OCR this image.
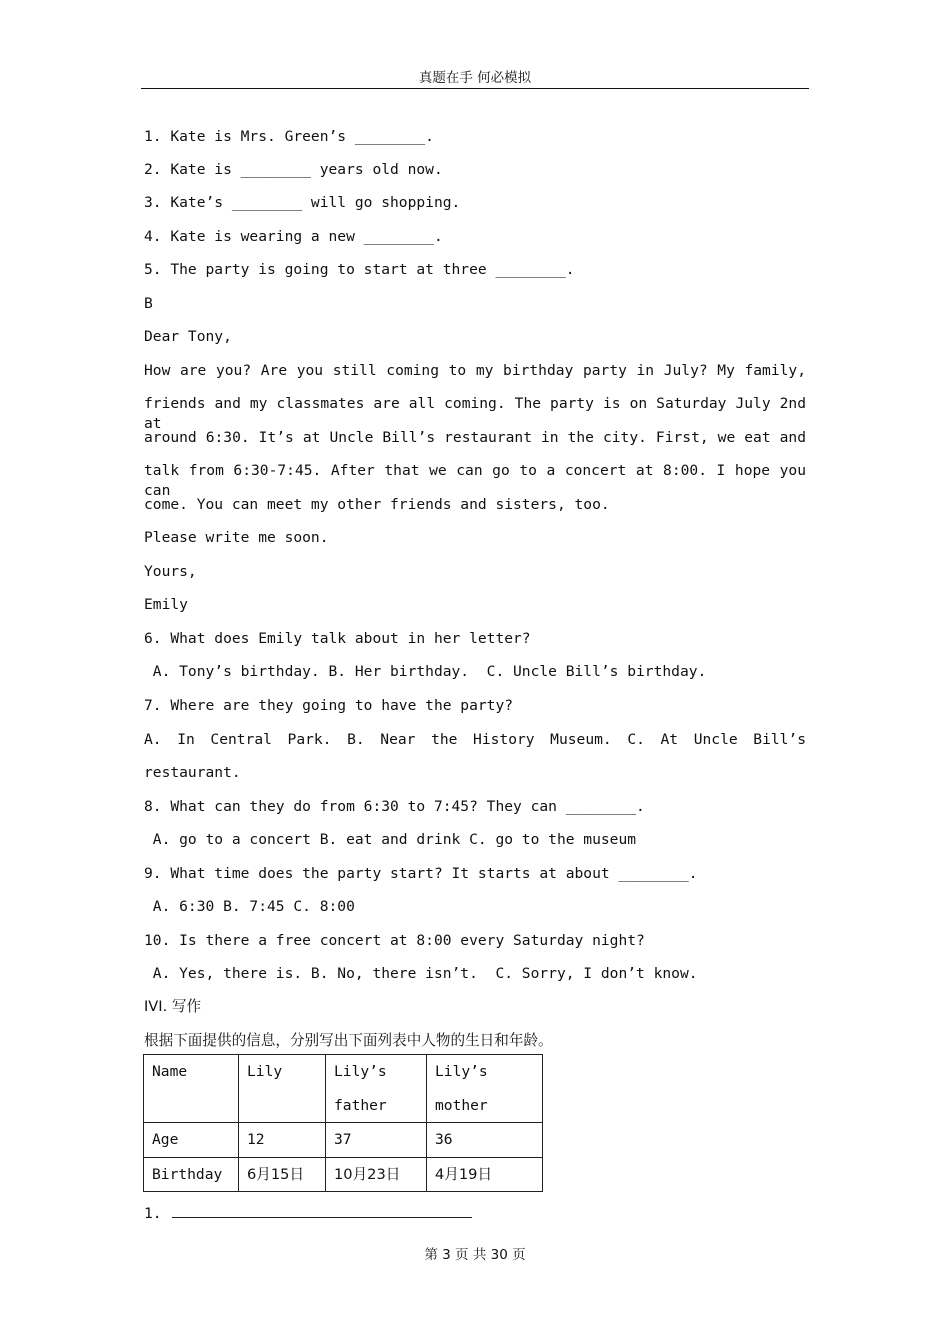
真题在手 何必模拟
1. Kate is Mrs. Green’s ________.
2. Kate is ________ years old now.
3. Kate’s ________ will go shopping.
4. Kate is wearing a new ________.
5. The party is going to start at three ________.
B
Dear Tony,
How are you? Are you still coming to my birthday party in July? My family,
friends and my classmates are all coming. The party is on Saturday July 2nd at
around 6:30. It’s at Uncle Bill’s restaurant in the city. First, we eat and
talk from 6:30-7:45. After that we can go to a concert at 8:00. I hope you can
come. You can meet my other friends and sisters, too.
Please write me soon.
Yours,
Emily
6. What does Emily talk about in her letter?
A. Tony’s birthday. B. Her birthday.  C. Uncle Bill’s birthday.
7. Where are they going to have the party?
A. In Central Park. B. Near the History Museum. C. At Uncle Bill’s
restaurant.
8. What can they do from 6:30 to 7:45? They can ________.
A. go to a concert B. eat and drink C. go to the museum
9. What time does the party start? It starts at about ________.
A. 6:30 B. 7:45 C. 8:00
10. Is there a free concert at 8:00 every Saturday night?
A. Yes, there is. B. No, there isn’t.  C. Sorry, I don’t know.
IVI. 写作
根据下面提供的信息，分别写出下面列表中人物的生日和年龄。
Name	Lily	Lily’s father	Lily’s mother
Age	12	37	36
Birthday	6月15日	10月23日	4月19日
1.
第 3 页 共 30 页
